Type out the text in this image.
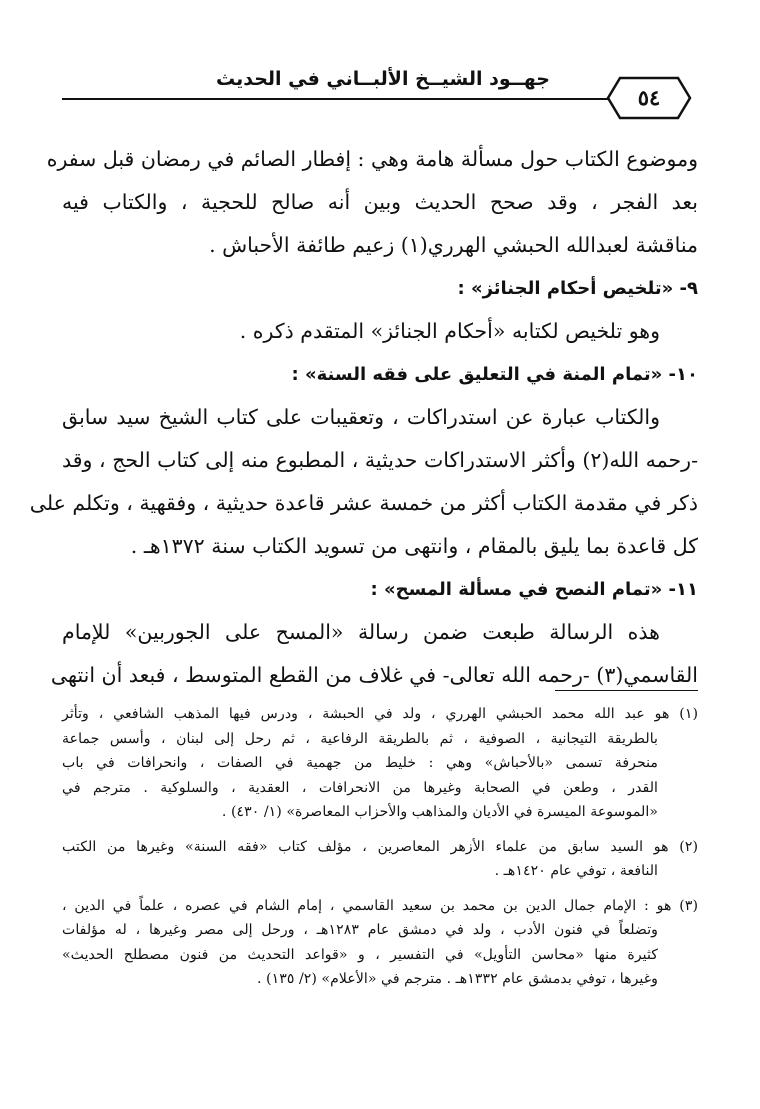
جهــود الشيــخ الألبــاني في الحديث
٥٤
وموضوع الكتاب حول مسألة هامة وهي : إفطار الصائم في رمضان قبل سفره
بعد الفجر ، وقد صحح الحديث وبين أنه صالح للحجية ، والكتاب فيه
مناقشة لعبدالله الحبشي الهرري(١) زعيم طائفة الأحباش .
٩- «تلخيص أحكام الجنائز» :
وهو تلخيص لكتابه «أحكام الجنائز» المتقدم ذكره .
١٠- «تمام المنة في التعليق على فقه السنة» :
والكتاب عبارة عن استدراكات ، وتعقيبات على كتاب الشيخ سيد سابق
-رحمه الله(٢) وأكثر الاستدراكات حديثية ، المطبوع منه إلى كتاب الحج ، وقد
ذكر في مقدمة الكتاب أكثر من خمسة عشر قاعدة حديثية ، وفقهية ، وتكلم على
كل قاعدة بما يليق بالمقام ، وانتهى من تسويد الكتاب سنة ١٣٧٢هـ .
١١- «تمام النصح في مسألة المسح» :
هذه الرسالة طبعت ضمن رسالة «المسح على الجوربين» للإمام
القاسمي(٣) -رحمه الله تعالى- في غلاف من القطع المتوسط ، فبعد أن انتهى
(١) هو عبد الله محمد الحبشي الهرري ، ولد في الحبشة ، ودرس فيها المذهب الشافعي ، وتأثر
بالطريقة التيجانية ، الصوفية ، ثم بالطريقة الرفاعية ، ثم رحل إلى لبنان ، وأسس جماعة
منحرفة تسمى «بالأحباش» وهي : خليط من جهمية في الصفات ، وانحرافات في باب
القدر ، وطعن في الصحابة وغيرها من الانحرافات ، العقدية ، والسلوكية . مترجم في
«الموسوعة الميسرة في الأديان والمذاهب والأحزاب المعاصرة» (١/ ٤٣٠) .
(٢) هو السيد سابق من علماء الأزهر المعاصرين ، مؤلف كتاب «فقه السنة» وغيرها من الكتب
النافعة ، توفي عام ١٤٢٠هـ .
(٣) هو : الإمام جمال الدين بن محمد بن سعيد القاسمي ، إمام الشام في عصره ، علماً في الدين ،
وتضلعاً في فنون الأدب ، ولد في دمشق عام ١٢٨٣هـ ، ورحل إلى مصر وغيرها ، له مؤلفات
كثيرة منها «محاسن التأويل» في التفسير ، و «قواعد التحديث من فنون مصطلح الحديث»
وغيرها ، توفي بدمشق عام ١٣٣٢هـ . مترجم في «الأعلام» (٢/ ١٣٥) .
